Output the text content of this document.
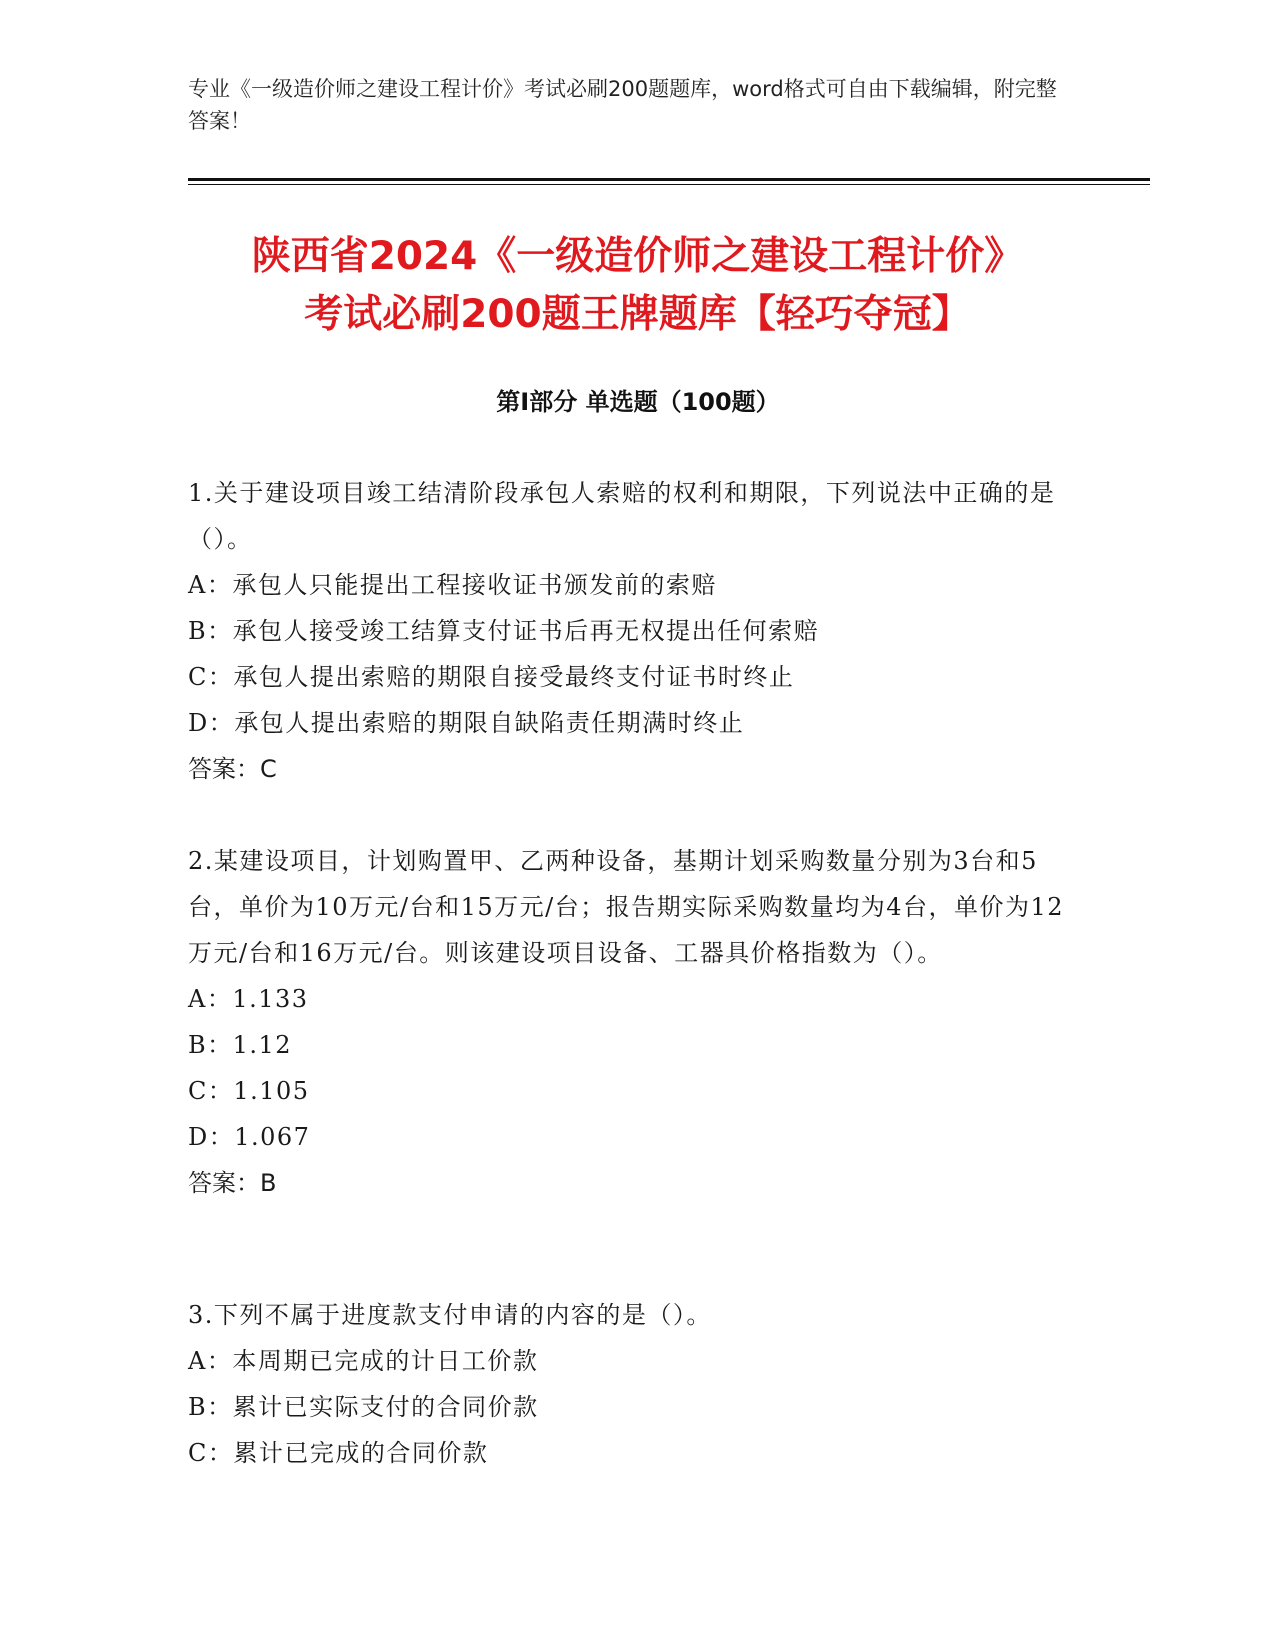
专业《一级造价师之建设工程计价》考试必刷200题题库，word格式可自由下载编辑，附完整答案！
陕西省2024《一级造价师之建设工程计价》
考试必刷200题王牌题库【轻巧夺冠】
第I部分 单选题（100题）
1.关于建设项目竣工结清阶段承包人索赔的权利和期限，下列说法中正确的是（）。
A：承包人只能提出工程接收证书颁发前的索赔
B：承包人接受竣工结算支付证书后再无权提出任何索赔
C：承包人提出索赔的期限自接受最终支付证书时终止
D：承包人提出索赔的期限自缺陷责任期满时终止
答案：C
2.某建设项目，计划购置甲、乙两种设备，基期计划采购数量分别为3台和5台，单价为10万元/台和15万元/台；报告期实际采购数量均为4台，单价为12万元/台和16万元/台。则该建设项目设备、工器具价格指数为（）。
A：1.133
B：1.12
C：1.105
D：1.067
答案：B
3.下列不属于进度款支付申请的内容的是（）。
A：本周期已完成的计日工价款
B：累计已实际支付的合同价款
C：累计已完成的合同价款
